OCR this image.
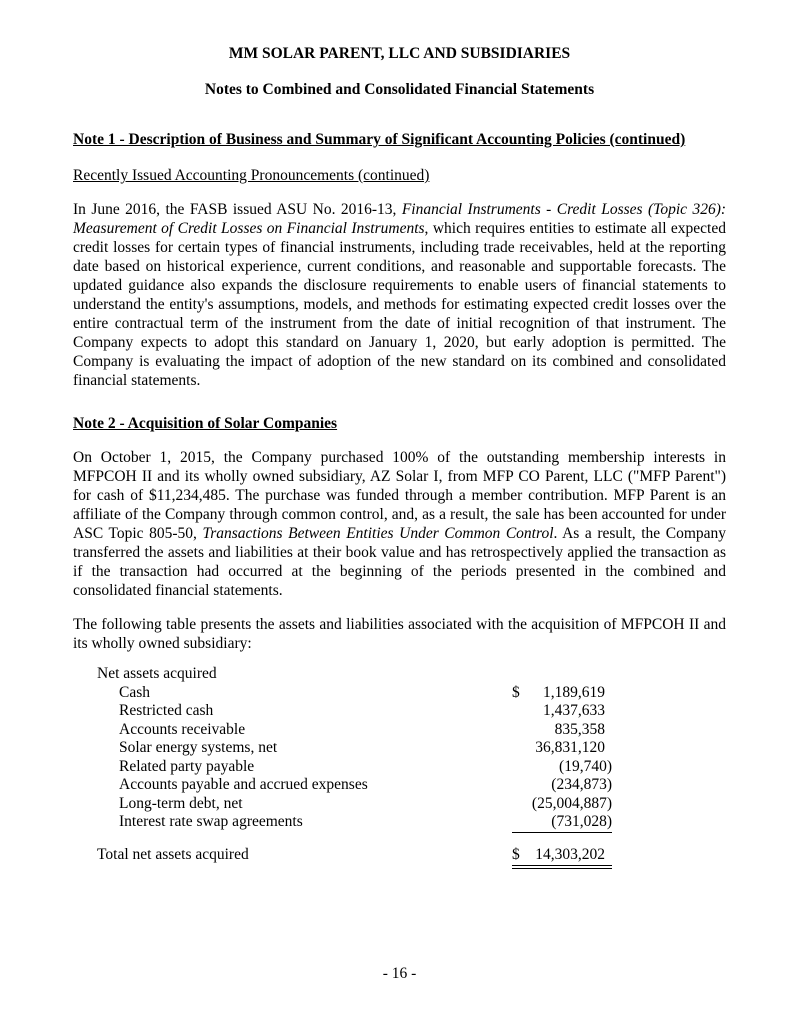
MM SOLAR PARENT, LLC AND SUBSIDIARIES
Notes to Combined and Consolidated Financial Statements
Note 1 - Description of Business and Summary of Significant Accounting Policies (continued)
Recently Issued Accounting Pronouncements (continued)

In June 2016, the FASB issued ASU No. 2016-13, Financial Instruments - Credit Losses (Topic 326): Measurement of Credit Losses on Financial Instruments, which requires entities to estimate all expected credit losses for certain types of financial instruments, including trade receivables, held at the reporting date based on historical experience, current conditions, and reasonable and supportable forecasts. The updated guidance also expands the disclosure requirements to enable users of financial statements to understand the entity's assumptions, models, and methods for estimating expected credit losses over the entire contractual term of the instrument from the date of initial recognition of that instrument. The Company expects to adopt this standard on January 1, 2020, but early adoption is permitted. The Company is evaluating the impact of adoption of the new standard on its combined and consolidated financial statements.

Note 2 - Acquisition of Solar Companies

On October 1, 2015, the Company purchased 100% of the outstanding membership interests in MFPCOH II and its wholly owned subsidiary, AZ Solar I, from MFP CO Parent, LLC ("MFP Parent") for cash of $11,234,485. The purchase was funded through a member contribution. MFP Parent is an affiliate of the Company through common control, and, as a result, the sale has been accounted for under ASC Topic 805-50, Transactions Between Entities Under Common Control. As a result, the Company transferred the assets and liabilities at their book value and has retrospectively applied the transaction as if the transaction had occurred at the beginning of the periods presented in the combined and consolidated financial statements.

The following table presents the assets and liabilities associated with the acquisition of MFPCOH II and its wholly owned subsidiary:

Net assets acquired
Cash	$	1,189,619
Restricted cash	1,437,633
Accounts receivable	835,358
Solar energy systems, net	36,831,120
Related party payable	(19,740)
Accounts payable and accrued expenses	(234,873)
Long-term debt, net	(25,004,887)
Interest rate swap agreements	(731,028)
Total net assets acquired	$	14,303,202
- 16 -
